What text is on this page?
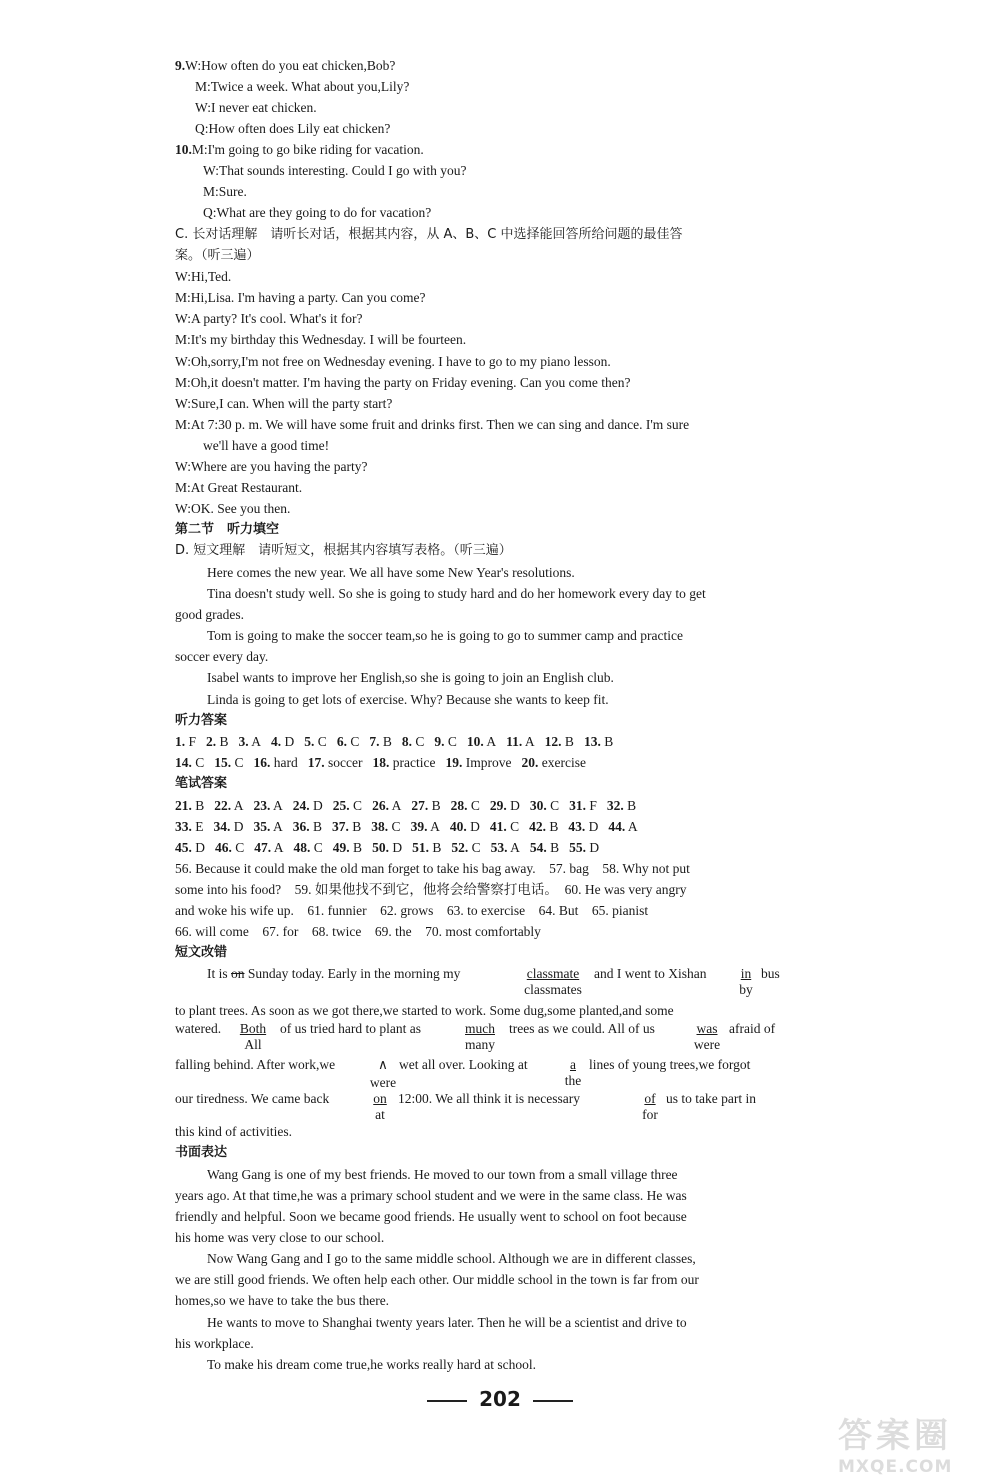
9.W:How often do you eat chicken,Bob?
M:Twice a week. What about you,Lily?
W:I never eat chicken.
Q:How often does Lily eat chicken?
10.M:I'm going to go bike riding for vacation.
W:That sounds interesting. Could I go with you?
M:Sure.
Q:What are they going to do for vacation?
C. 长对话理解　请听长对话，根据其内容，从 A、B、C 中选择能回答所给问题的最佳答
案。（听三遍）
W:Hi,Ted.
M:Hi,Lisa. I'm having a party. Can you come?
W:A party? It's cool. What's it for?
M:It's my birthday this Wednesday. I will be fourteen.
W:Oh,sorry,I'm not free on Wednesday evening. I have to go to my piano lesson.
M:Oh,it doesn't matter. I'm having the party on Friday evening. Can you come then?
W:Sure,I can. When will the party start?
M:At 7:30 p. m. We will have some fruit and drinks first. Then we can sing and dance. I'm sure
we'll have a good time!
W:Where are you having the party?
M:At Great Restaurant.
W:OK. See you then.
第二节　听力填空
D. 短文理解　请听短文，根据其内容填写表格。（听三遍）
Here comes the new year. We all have some New Year's resolutions.
Tina doesn't study well. So she is going to study hard and do her homework every day to get
good grades.
Tom is going to make the soccer team,so he is going to go to summer camp and practice
soccer every day.
Isabel wants to improve her English,so she is going to join an English club.
Linda is going to get lots of exercise. Why? Because she wants to keep fit.
听力答案
1. F 2. B 3. A 4. D 5. C 6. C 7. B 8. C 9. C 10. A 11. A 12. B 13. B
14. C 15. C 16. hard 17. soccer 18. practice 19. Improve 20. exercise
笔试答案
21. B 22. A 23. A 24. D 25. C 26. A 27. B 28. C 29. D 30. C 31. F 32. B
33. E 34. D 35. A 36. B 37. B 38. C 39. A 40. D 41. C 42. B 43. D 44. A
45. D 46. C 47. A 48. C 49. B 50. D 51. B 52. C 53. A 54. B 55. D
56. Because it could make the old man forget to take his bag away.　57. bag　58. Why not put
some into his food?　59. 如果他找不到它，他将会给警察打电话。　60. He was very angry
and woke his wife up.　61. funnier　62. grows　63. to exercise　64. But　65. pianist
66. will come　67. for　68. twice　69. the　70. most comfortably
短文改错
It is on Sunday today. Early in the morning my	classmate
classmates
and I went to Xishan	in
by
bus
to plant trees. As soon as we got there,we started to work. Some dug,some planted,and some
watered.	Both
All
of us tried hard to plant as	much
many
trees as we could. All of us	was
were
afraid of
falling behind. After work,we	∧
were
wet all over. Looking at	a
the
lines of young trees,we forgot
our tiredness. We came back	on
at
12:00. We all think it is necessary	of
for
us to take part in
this kind of activities.
书面表达
Wang Gang is one of my best friends. He moved to our town from a small village three
years ago. At that time,he was a primary school student and we were in the same class. He was
friendly and helpful. Soon we became good friends. He usually went to school on foot because
his home was very close to our school.
Now Wang Gang and I go to the same middle school. Although we are in different classes,
we are still good friends. We often help each other. Our middle school in the town is far from our
homes,so we have to take the bus there.
He wants to move to Shanghai twenty years later. Then he will be a scientist and drive to
his workplace.
To make his dream come true,he works really hard at school.
202
答案圈
MXQE.COM
